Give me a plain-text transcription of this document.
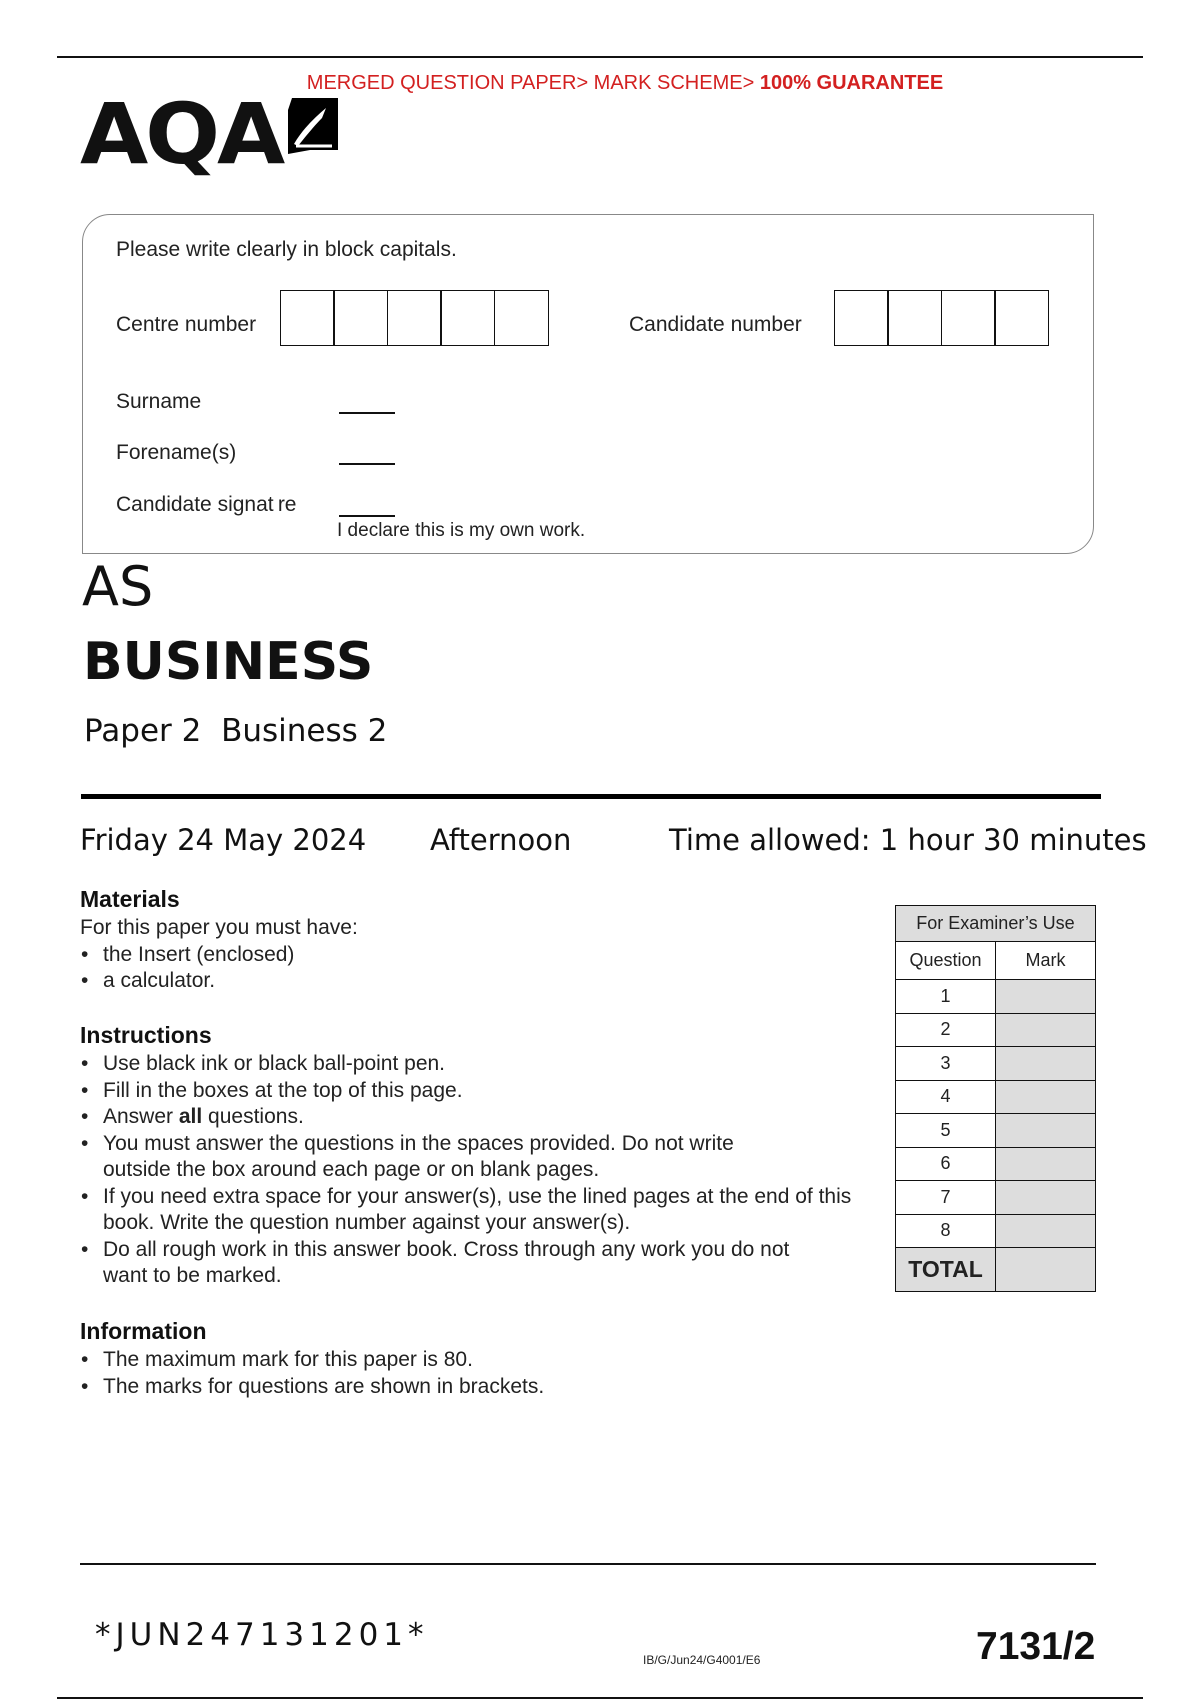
MERGED QUESTION PAPER> MARK SCHEME> 100% GUARANTEE
AQA
Please write clearly in block capitals.
Centre number	Candidate number
Surname
Forename(s)
Candidate signat re
I declare this is my own work.
AS
BUSINESS
Paper 2  Business 2
Friday 24 May 2024 Afternoon	Time allowed: 1 hour 30 minutes
Materials
For this paper you must have:
• the Insert (enclosed)
• a calculator.
Instructions
• Use black ink or black ball-point pen.
• Fill in the boxes at the top of this page.
• Answer all questions.
• You must answer the questions in the spaces provided. Do not write outside the box around each page or on blank pages.
• If you need extra space for your answer(s), use the lined pages at the end of this book. Write the question number against your answer(s).
• Do all rough work in this answer book. Cross through any work you do not want to be marked.
Information
• The maximum mark for this paper is 80.
• The marks for questions are shown in brackets.
For Examiner’s Use	
Question	Mark
1	
2	
3	
4	
5	
6	
7	
8	
TOTAL	
*JUN247131201*
IB/G/Jun24/G4001/E6	7131/2
